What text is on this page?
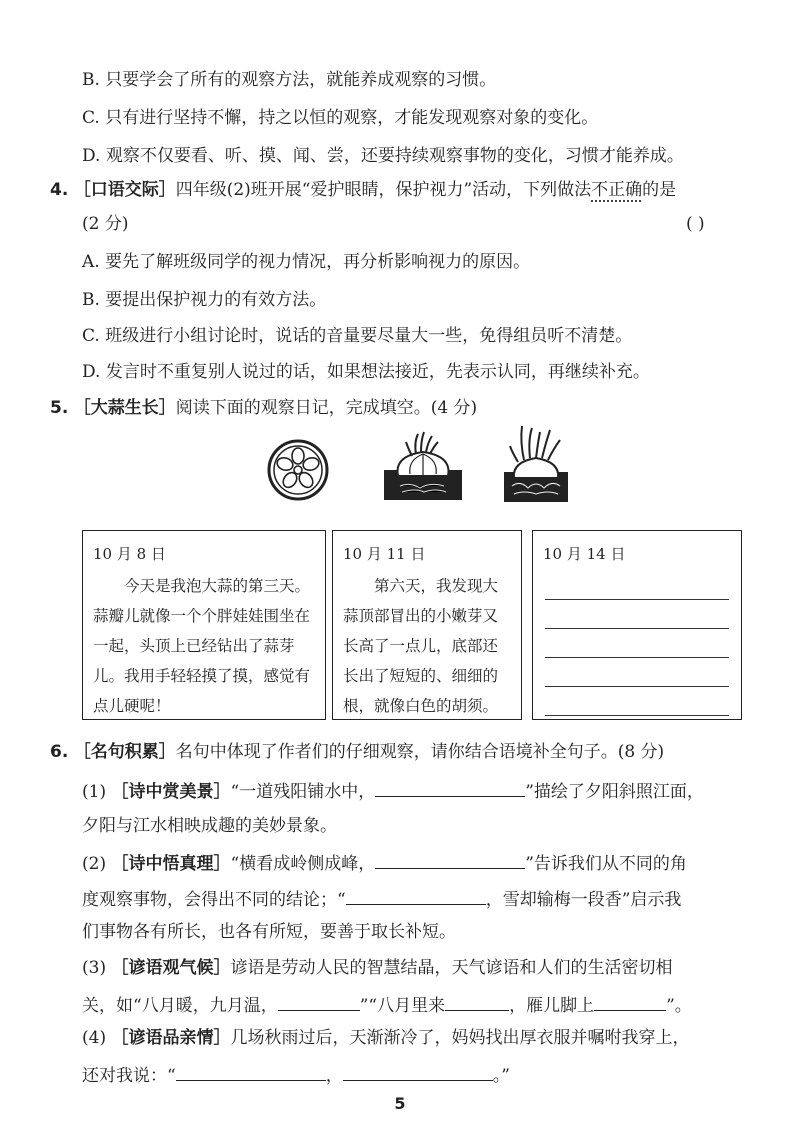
B. 只要学会了所有的观察方法，就能养成观察的习惯。
C. 只有进行坚持不懈，持之以恒的观察，才能发现观察对象的变化。
D. 观察不仅要看、听、摸、闻、尝，还要持续观察事物的变化，习惯才能养成。
4. ［口语交际］四年级(2)班开展“爱护眼睛，保护视力”活动，下列做法不正确的是
(2 分)	( )
A. 要先了解班级同学的视力情况，再分析影响视力的原因。
B. 要提出保护视力的有效方法。
C. 班级进行小组讨论时，说话的音量要尽量大一些，免得组员听不清楚。
D. 发言时不重复别人说过的话，如果想法接近，先表示认同，再继续补充。
5. ［大蒜生长］阅读下面的观察日记，完成填空。(4 分)
10 月 8 日
今天是我泡大蒜的第三天。蒜瓣儿就像一个个胖娃娃围坐在一起，头顶上已经钻出了蒜芽儿。我用手轻轻摸了摸，感觉有点儿硬呢！
10 月 11 日
第六天，我发现大蒜顶部冒出的小嫩芽又长高了一点儿，底部还长出了短短的、细细的根，就像白色的胡须。
10 月 14 日
6. ［名句积累］名句中体现了作者们的仔细观察，请你结合语境补全句子。(8 分)
(1) ［诗中赏美景］“一道残阳铺水中，	”描绘了夕阳斜照江面，
夕阳与江水相映成趣的美妙景象。
(2) ［诗中悟真理］“横看成岭侧成峰，	”告诉我们从不同的角
度观察事物，会得出不同的结论；“	，雪却输梅一段香”启示我
们事物各有所长，也各有所短，要善于取长补短。
(3) ［谚语观气候］谚语是劳动人民的智慧结晶，天气谚语和人们的生活密切相
关，如“八月暖，九月温，	”“八月里来	，雁儿脚上	”。
(4) ［谚语品亲情］几场秋雨过后，天渐渐冷了，妈妈找出厚衣服并嘱咐我穿上，
还对我说：“	，	。”
5
